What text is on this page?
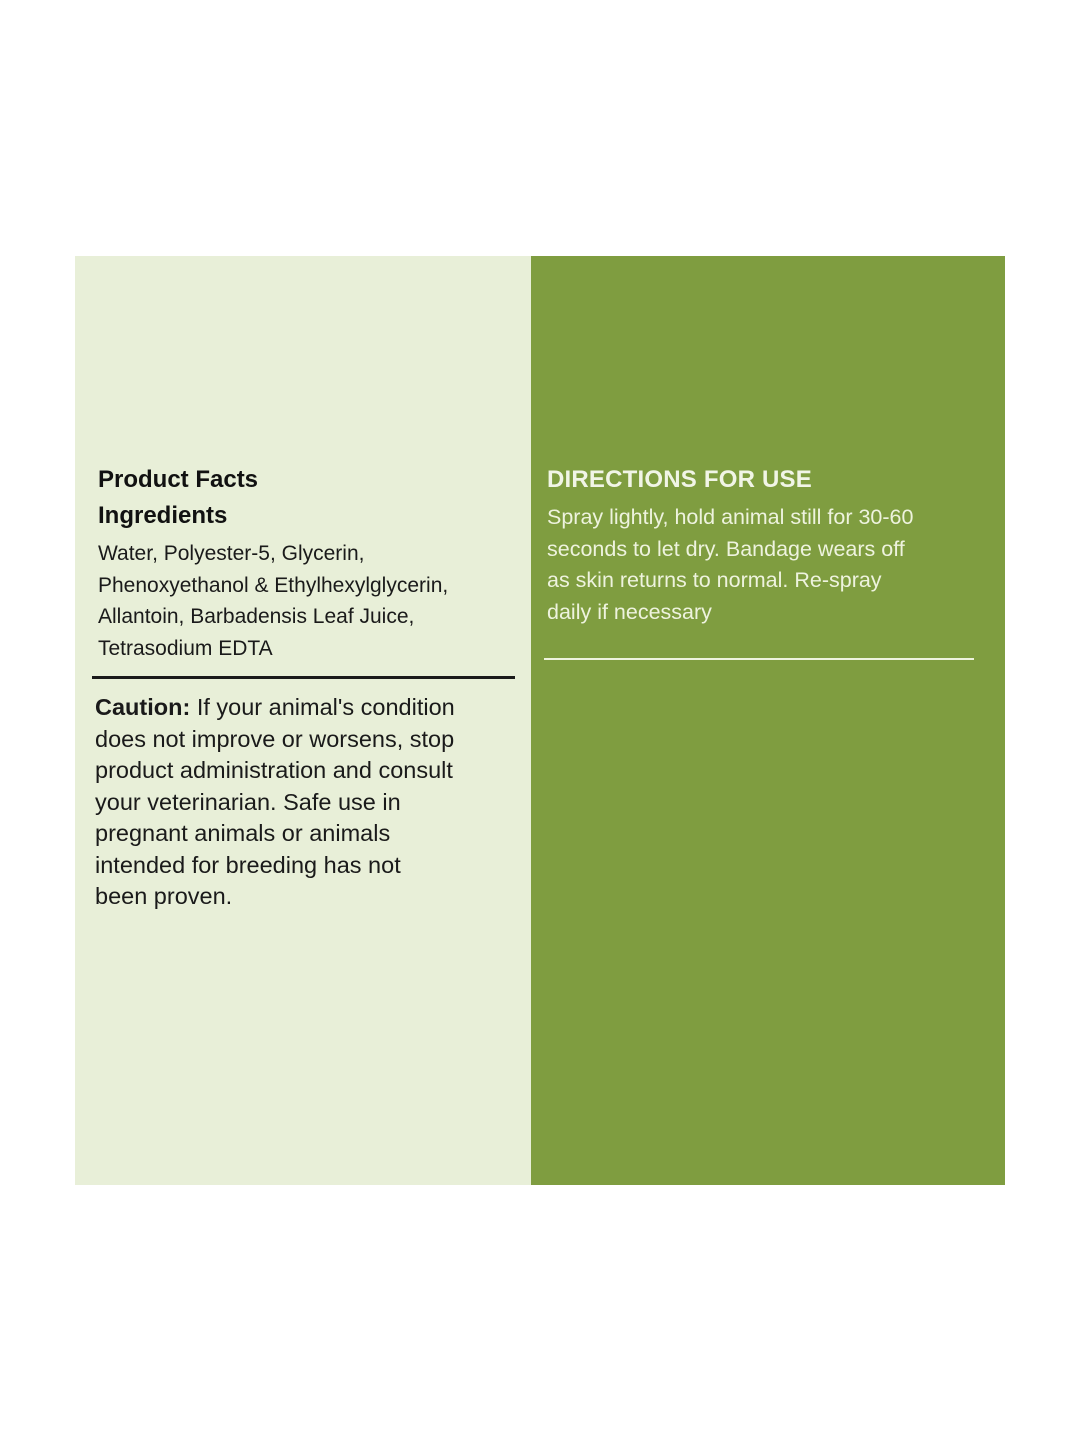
Product Facts
Ingredients

Water, Polyester-5, Glycerin,
Phenoxyethanol & Ethylhexylglycerin,
Allantoin, Barbadensis Leaf Juice,
Tetrasodium EDTA

Caution: If your animal's condition
does not improve or worsens, stop
product administration and consult
your veterinarian. Safe use in
pregnant animals or animals
intended for breeding has not
been proven.

DIRECTIONS FOR USE

Spray lightly, hold animal still for 30-60
seconds to let dry. Bandage wears off
as skin returns to normal. Re-spray
daily if necessary
